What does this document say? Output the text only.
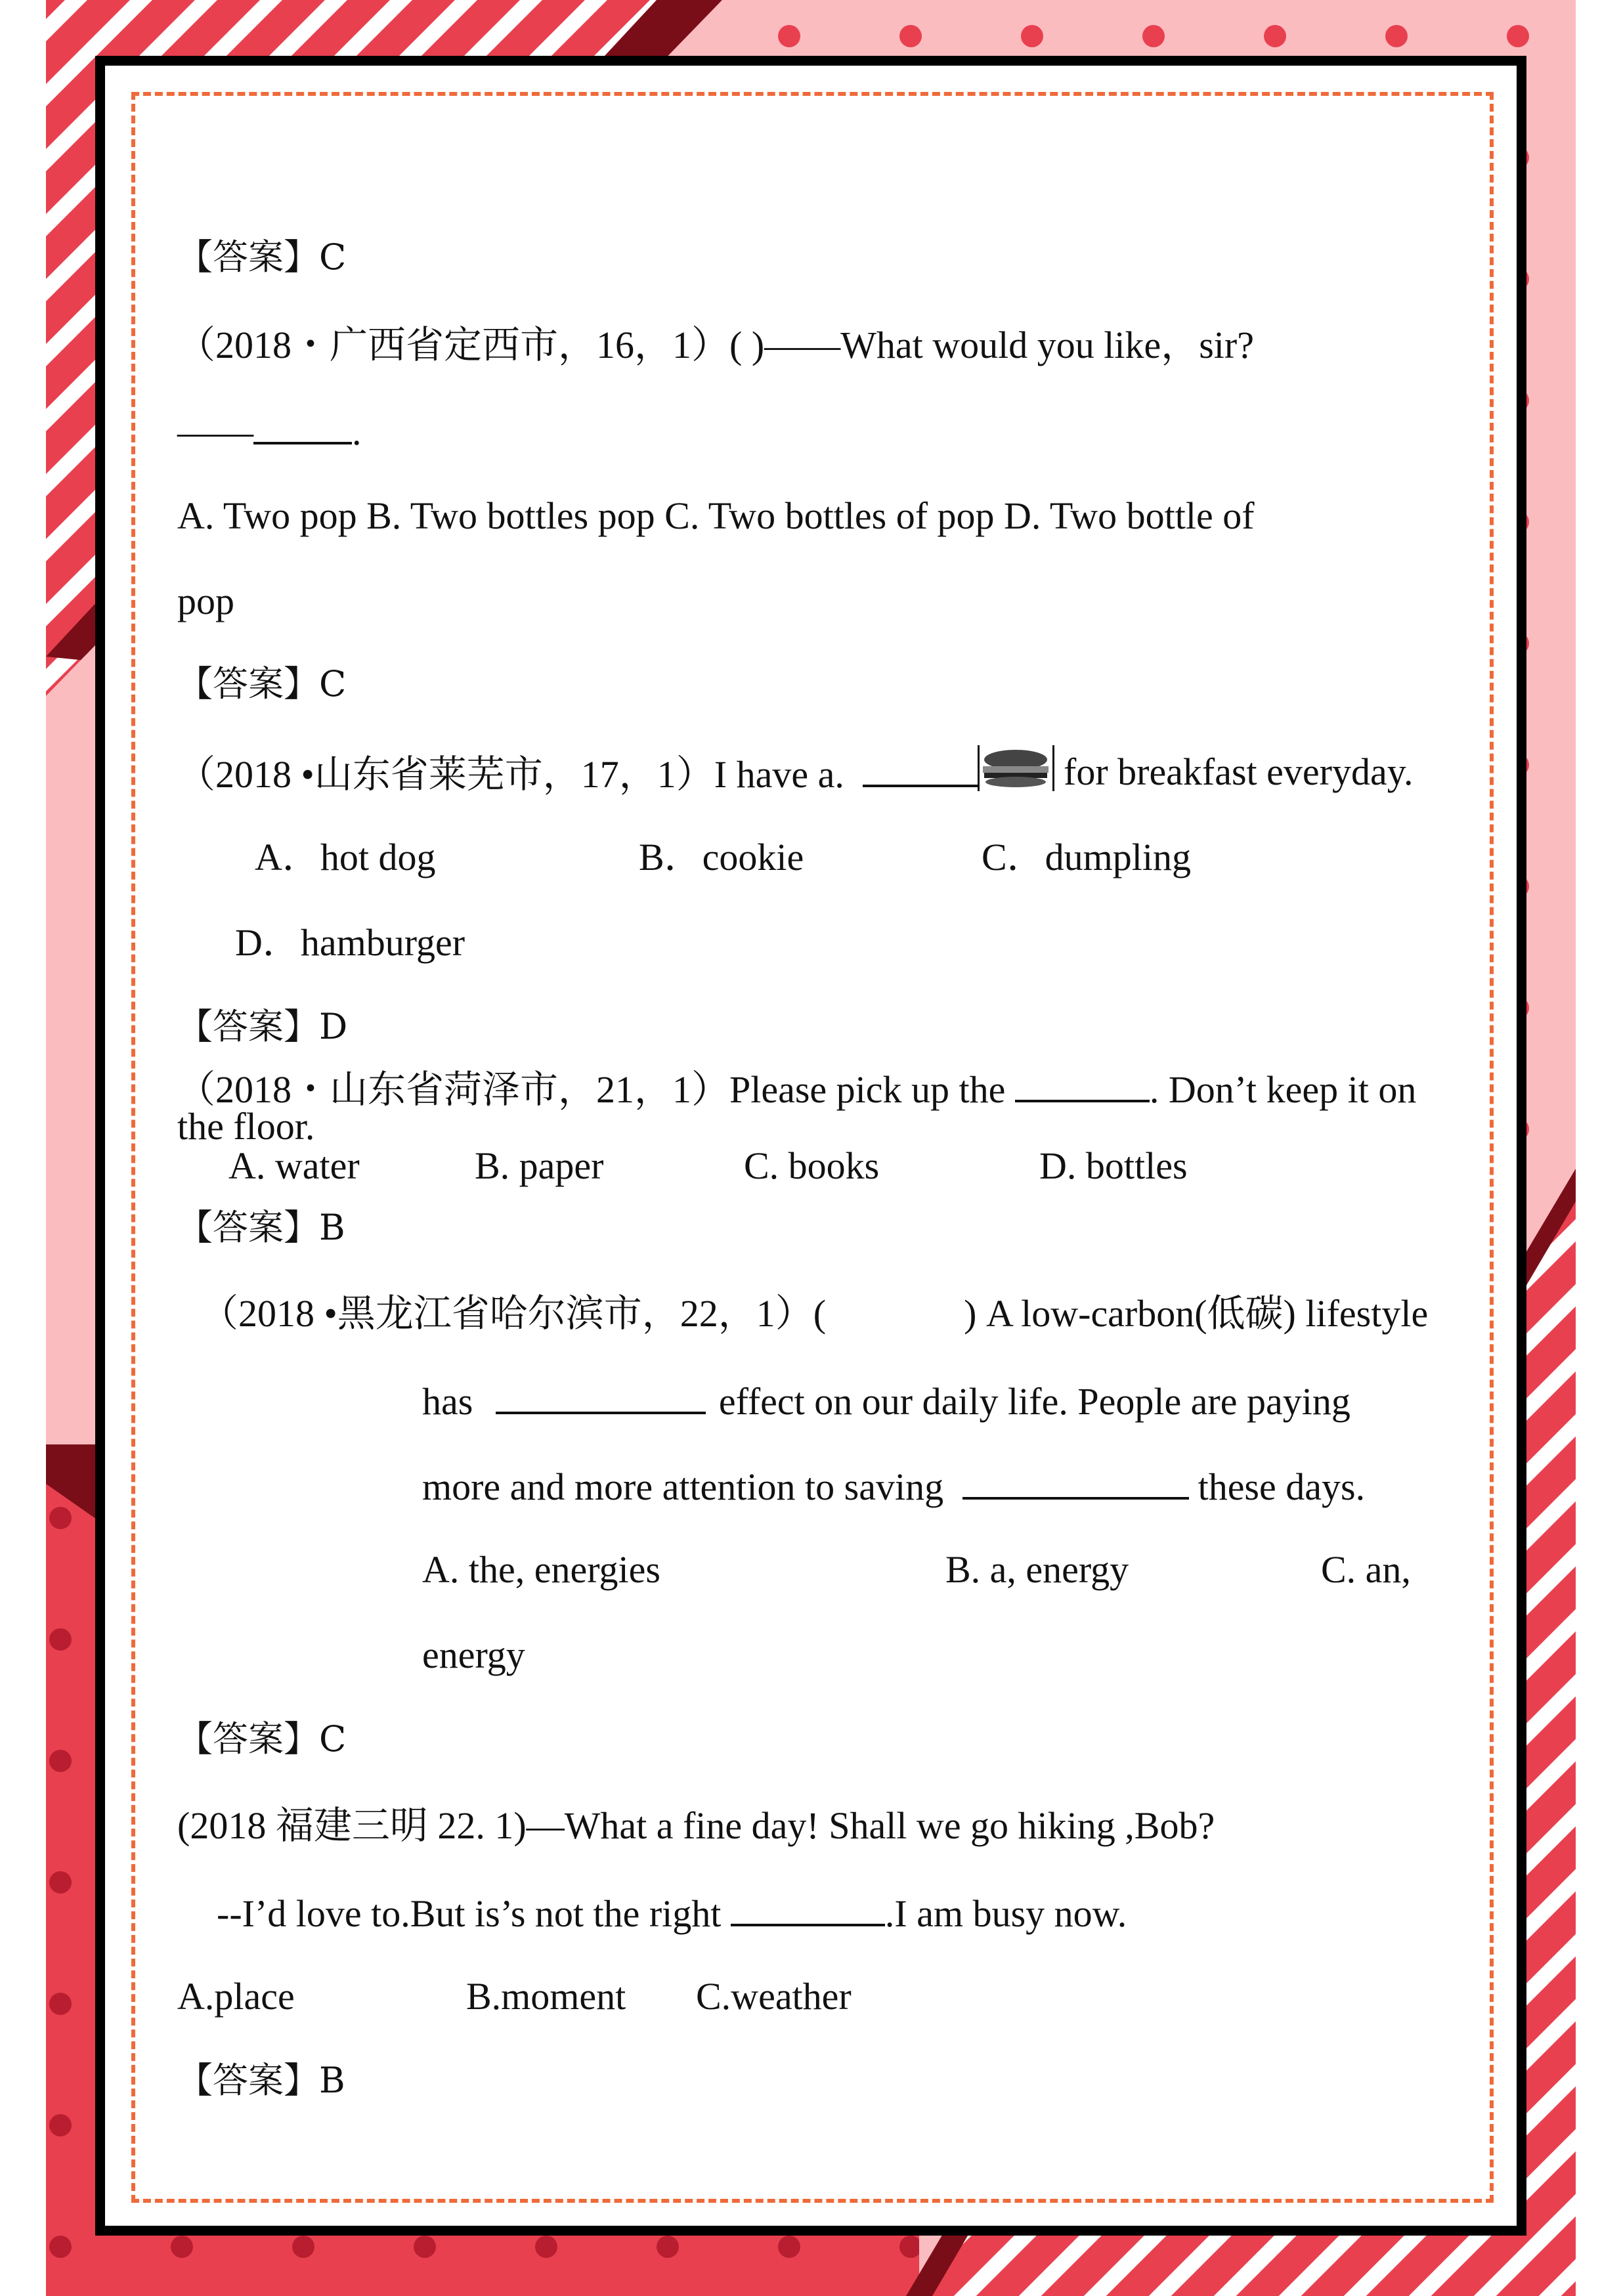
【答案】C
（2018・广西省定西市，16，1）( )——What would you like，sir?
——	.
A. Two pop B. Two bottles pop C. Two bottles of pop D. Two bottle of
pop
【答案】C
（2018 •山东省莱芜市，17，1）I have a.	for breakfast everyday.
A．hot dog	B．cookie	C．dumpling
D．hamburger
【答案】D
（2018・山东省菏泽市，21，1）Please pick up the	. Don’t keep it on
the floor.
A. water	B. paper	C. books	D. bottles
【答案】B
（2018 •黑龙江省哈尔滨市，22，1）(	) A low-carbon(低碳) lifestyle
has	effect on our daily life. People are paying
more and more attention to saving	these days.
A. the, energies	B. a, energy	C. an,
energy
【答案】C
(2018 福建三明 22. 1)—What a fine day! Shall we go hiking ,Bob?
--I’d love to.But is’s not the right	.I am busy now.
A.place	B.moment C.weather
【答案】B
